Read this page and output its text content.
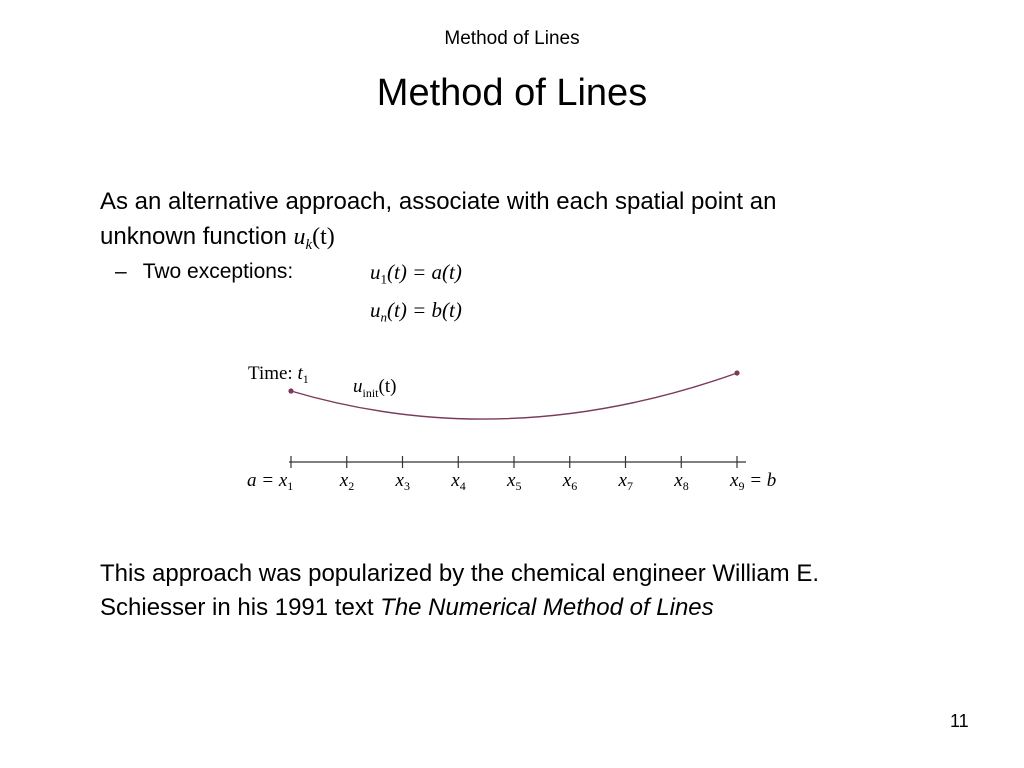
Method of Lines
Method of Lines
As an alternative approach, associate with each spatial point an
unknown function $u_k(t)$
– Two exceptions:	$u_1(t) = a(t)$
$u_n(t) = b(t)$
Time: $t_1$ $u_{init}(t)$
$a = x_1$ $x_2$ $x_3$ $x_4$ $x_5$ $x_6$ $x_7$ $x_8$ $x_9 = b$
This approach was popularized by the chemical engineer William E.
Schiesser in his 1991 text The Numerical Method of Lines
11
